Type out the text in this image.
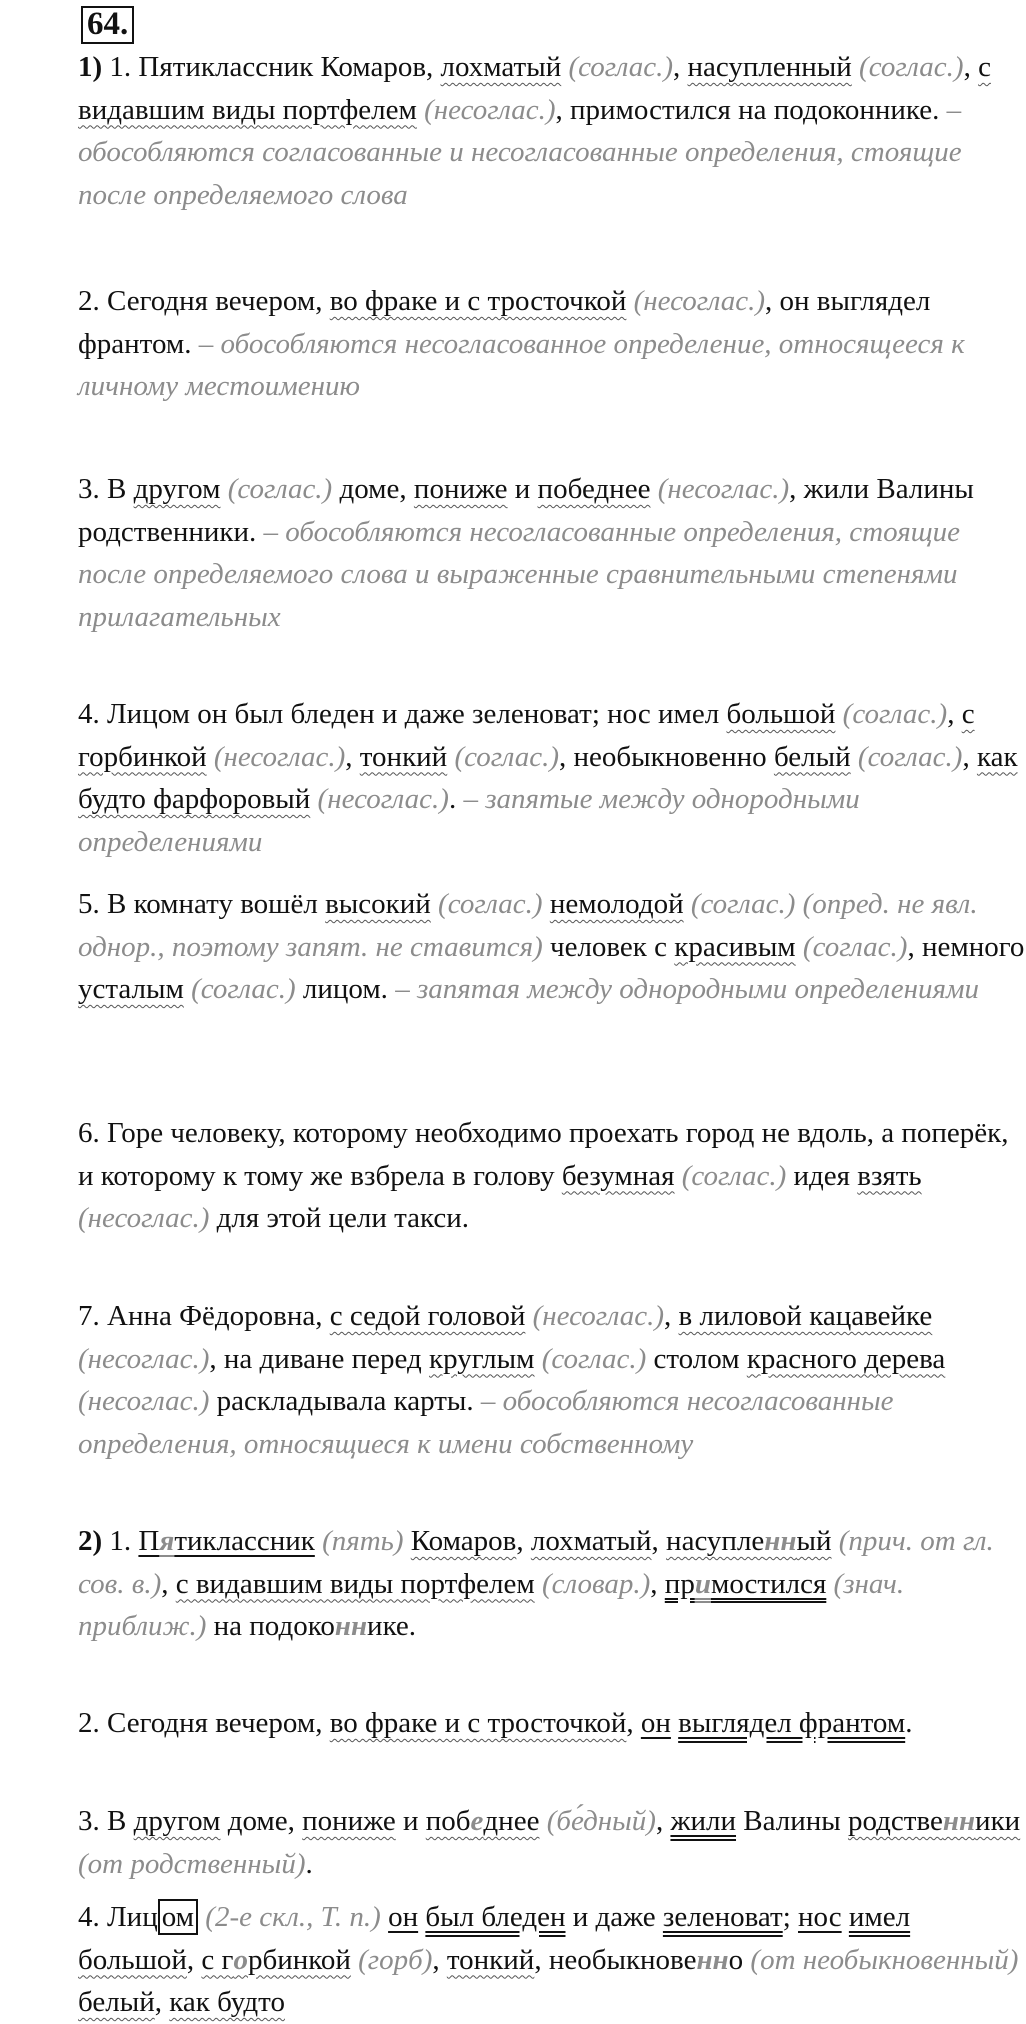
64.
1) 1. Пятиклассник Комаров, лохматый (соглас.), насупленный (соглас.), с видавшим виды портфелем (несоглас.), примостился на подоконнике. – обособляются согласованные и несогласованные определения, стоящие после определяемого слова
2. Сегодня вечером, во фраке и с тросточкой (несоглас.), он выглядел франтом. – обособляются несогласованное определение, относящееся к личному местоимению
3. В другом (соглас.) доме, пониже и победнее (несоглас.), жили Валины родственники. – обособляются несогласованные определения, стоящие после определяемого слова и выраженные сравнительными степенями прилагательных
4. Лицом он был бледен и даже зеленоват; нос имел большой (соглас.), с горбинкой (несоглас.), тонкий (соглас.), необыкновенно белый (соглас.), как будто фарфоровый (несоглас.). – запятые между однородными определениями
5. В комнату вошёл высокий (соглас.) немолодой (соглас.) (опред. не явл. однор., поэтому запят. не ставится) человек с красивым (соглас.), немного усталым (соглас.) лицом. – запятая между однородными определениями
6. Горе человеку, которому необходимо проехать город не вдоль, а поперёк, и которому к тому же взбрела в голову безумная (соглас.) идея взять (несоглас.) для этой цели такси.
7. Анна Фёдоровна, с седой головой (несоглас.), в лиловой кацавейке (несоглас.), на диване перед круглым (соглас.) столом красного дерева (несоглас.) раскладывала карты. – обособляются несогласованные определения, относящиеся к имени собственному
2) 1. Пятиклассник (пять) Комаров, лохматый, насупленный (прич. от гл. сов. в.), с видавшим виды портфелем (словар.), примостился (знач. приближ.) на подоконнике.
2. Сегодня вечером, во фраке и с тросточкой, он выглядел франтом.
3. В другом доме, пониже и победнее (бе́дный), жили Валины родственники (от родственный).
4. Лиц ом (2-е скл., Т. п.) он был бледен и даже зеленоват; нос имел большой, с горбинкой (горб), тонкий, необыкновенно (от необыкновенный) белый, как будто
